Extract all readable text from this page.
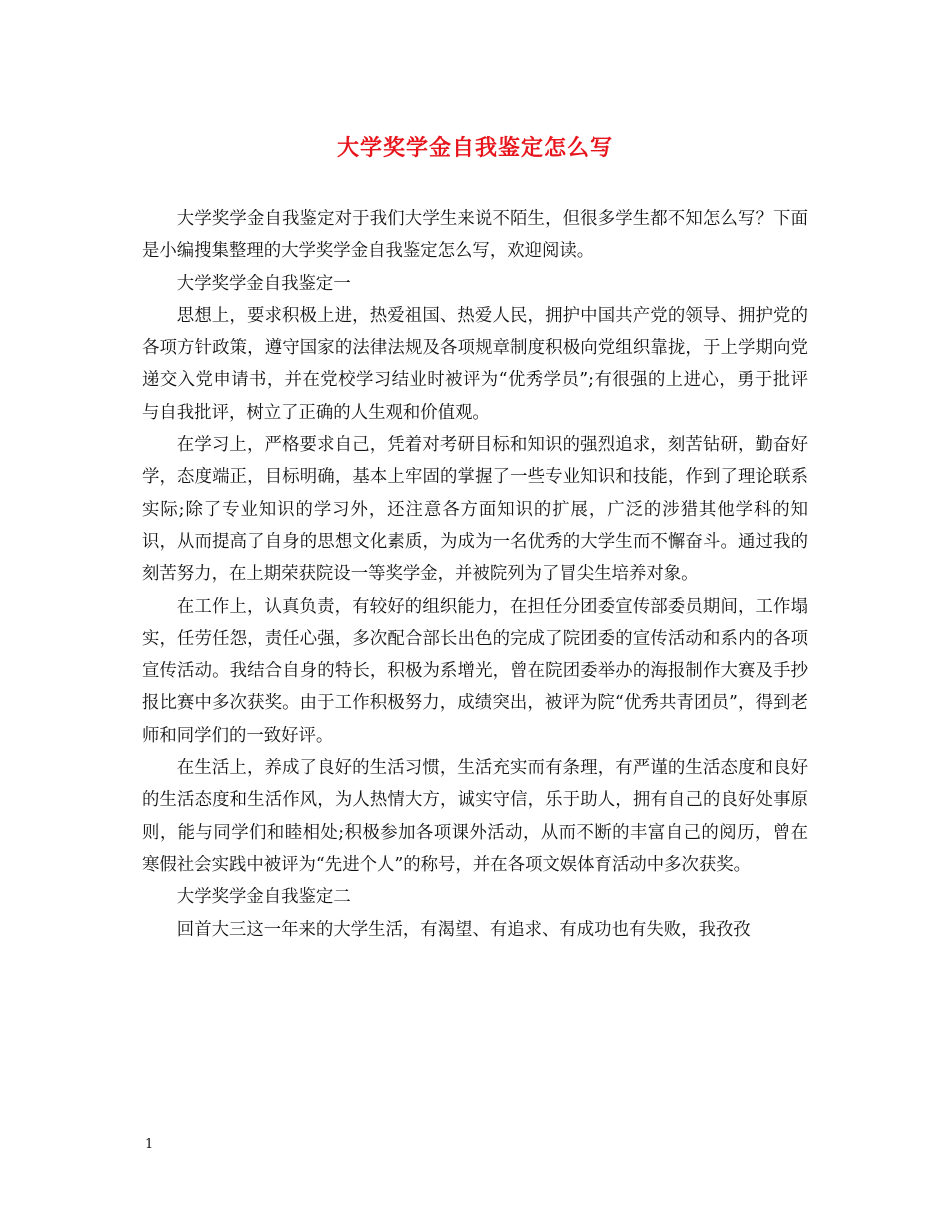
大学奖学金自我鉴定怎么写

大学奖学金自我鉴定对于我们大学生来说不陌生，但很多学生都不知怎么写？下面是小编搜集整理的大学奖学金自我鉴定怎么写，欢迎阅读。

大学奖学金自我鉴定一

思想上，要求积极上进，热爱祖国、热爱人民，拥护中国共产党的领导、拥护党的各项方针政策，遵守国家的法律法规及各项规章制度积极向党组织靠拢，于上学期向党递交入党申请书，并在党校学习结业时被评为“优秀学员”;有很强的上进心，勇于批评与自我批评，树立了正确的人生观和价值观。

在学习上，严格要求自己，凭着对考研目标和知识的强烈追求，刻苦钻研，勤奋好学，态度端正，目标明确，基本上牢固的掌握了一些专业知识和技能，作到了理论联系实际;除了专业知识的学习外，还注意各方面知识的扩展，广泛的涉猎其他学科的知识，从而提高了自身的思想文化素质，为成为一名优秀的大学生而不懈奋斗。通过我的刻苦努力，在上期荣获院设一等奖学金，并被院列为了冒尖生培养对象。

在工作上，认真负责，有较好的组织能力，在担任分团委宣传部委员期间，工作塌实，任劳任怨，责任心强，多次配合部长出色的完成了院团委的宣传活动和系内的各项宣传活动。我结合自身的特长，积极为系增光，曾在院团委举办的海报制作大赛及手抄报比赛中多次获奖。由于工作积极努力，成绩突出，被评为院“优秀共青团员”，得到老师和同学们的一致好评。

在生活上，养成了良好的生活习惯，生活充实而有条理，有严谨的生活态度和良好的生活态度和生活作风，为人热情大方，诚实守信，乐于助人，拥有自己的良好处事原则，能与同学们和睦相处;积极参加各项课外活动，从而不断的丰富自己的阅历，曾在寒假社会实践中被评为“先进个人”的称号，并在各项文娱体育活动中多次获奖。

大学奖学金自我鉴定二

回首大三这一年来的大学生活，有渴望、有追求、有成功也有失败，我孜孜

1
